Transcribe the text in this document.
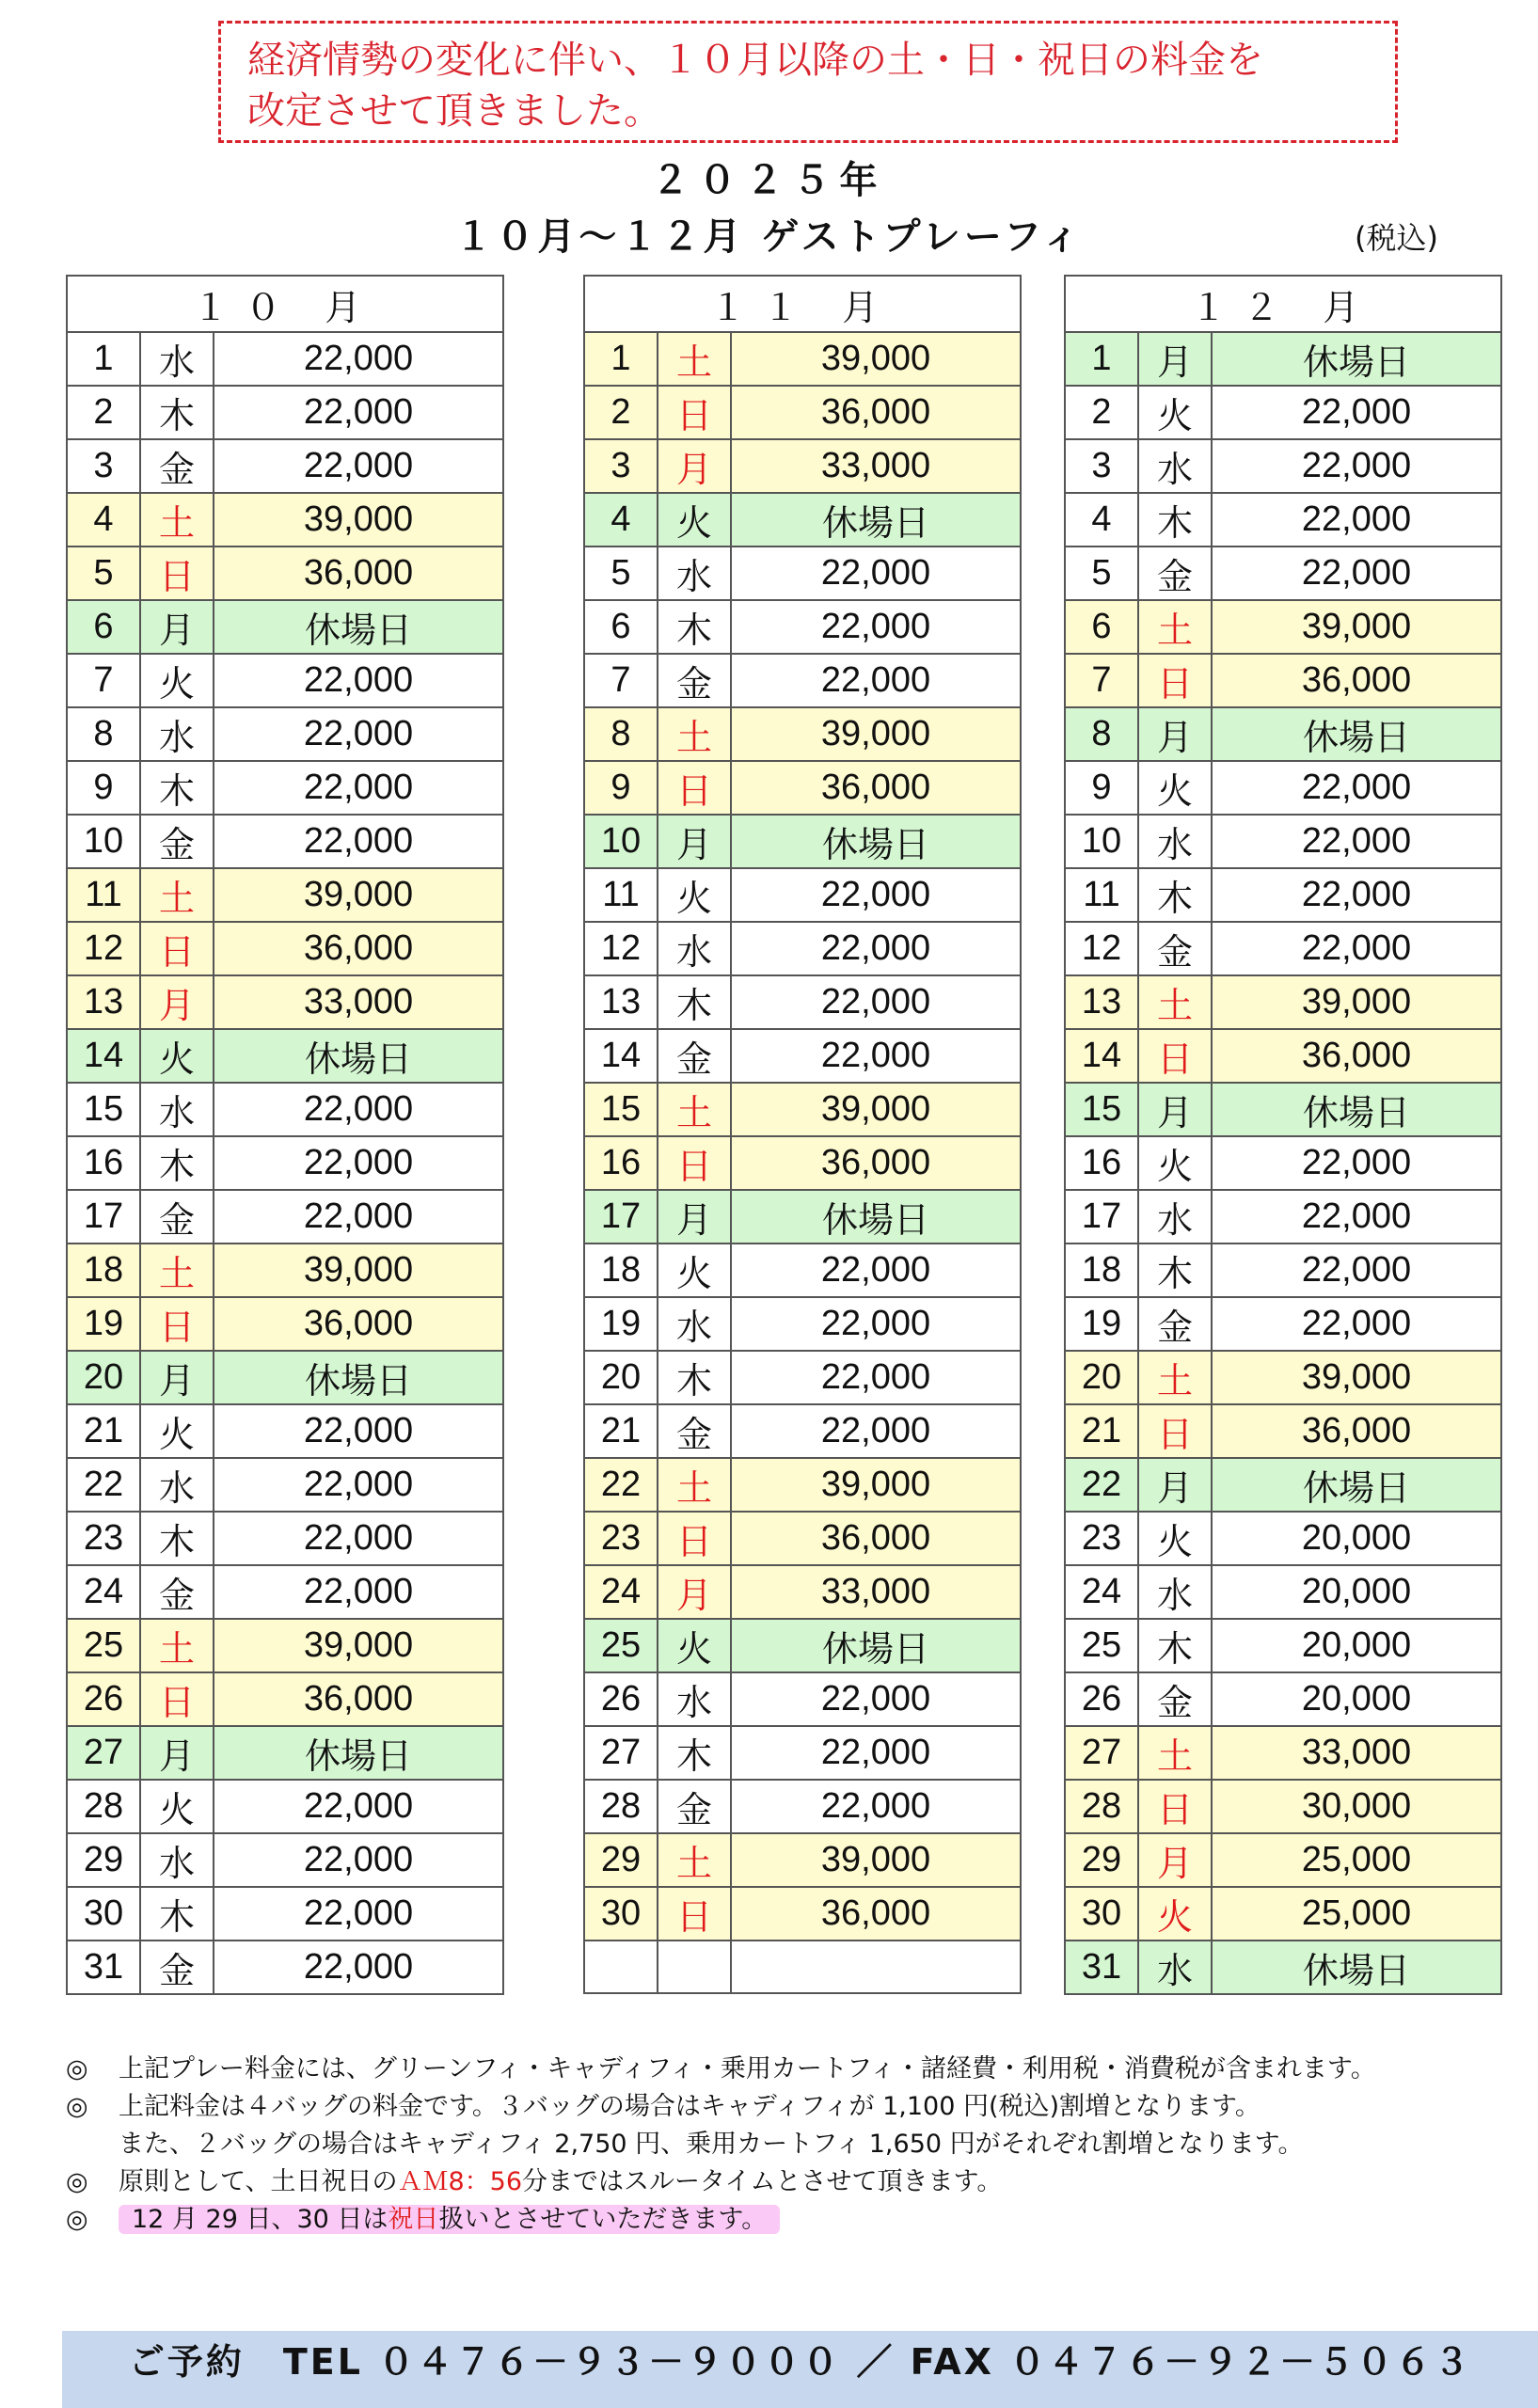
経済情勢の変化に伴い、１０月以降の土・日・祝日の料金を
改定させて頂きました。
２０２５年
１０月～１２月 ゲストプレーフィ	(税込)
１０ 月		
1	水	22,000
2	木	22,000
3	金	22,000
4	土	39,000
5	日	36,000
6	月	休場日
7	火	22,000
8	水	22,000
9	木	22,000
10	金	22,000
11	土	39,000
12	日	36,000
13	月	33,000
14	火	休場日
15	水	22,000
16	木	22,000
17	金	22,000
18	土	39,000
19	日	36,000
20	月	休場日
21	火	22,000
22	水	22,000
23	木	22,000
24	金	22,000
25	土	39,000
26	日	36,000
27	月	休場日
28	火	22,000
29	水	22,000
30	木	22,000
31	金	22,000
１１ 月		
1	土	39,000
2	日	36,000
3	月	33,000
4	火	休場日
5	水	22,000
6	木	22,000
7	金	22,000
8	土	39,000
9	日	36,000
10	月	休場日
11	火	22,000
12	水	22,000
13	木	22,000
14	金	22,000
15	土	39,000
16	日	36,000
17	月	休場日
18	火	22,000
19	水	22,000
20	木	22,000
21	金	22,000
22	土	39,000
23	日	36,000
24	月	33,000
25	火	休場日
26	水	22,000
27	木	22,000
28	金	22,000
29	土	39,000
30	日	36,000

１２ 月		
1	月	休場日
2	火	22,000
3	水	22,000
4	木	22,000
5	金	22,000
6	土	39,000
7	日	36,000
8	月	休場日
9	火	22,000
10	水	22,000
11	木	22,000
12	金	22,000
13	土	39,000
14	日	36,000
15	月	休場日
16	火	22,000
17	水	22,000
18	木	22,000
19	金	22,000
20	土	39,000
21	日	36,000
22	月	休場日
23	火	20,000
24	水	20,000
25	木	20,000
26	金	20,000
27	土	33,000
28	日	30,000
29	月	25,000
30	火	25,000
31	水	休場日
◎ 上記プレー料金には、グリーンフィ・キャディフィ・乗用カートフィ・諸経費・利用税・消費税が含まれます。
◎ 上記料金は４バッグの料金です。３バッグの場合はキャディフィが 1,100 円(税込)割増となります。
また、２バッグの場合はキャディフィ 2,750 円、乗用カートフィ 1,650 円がそれぞれ割増となります。
◎ 原則として、土日祝日のＡＭ8：56分まではスルータイムとさせて頂きます。
◎ 12 月 29 日、30 日は祝日扱いとさせていただきます。
ご予約　TEL ０４７６－９３－９０００ ／ FAX ０４７６－９２－５０６３
